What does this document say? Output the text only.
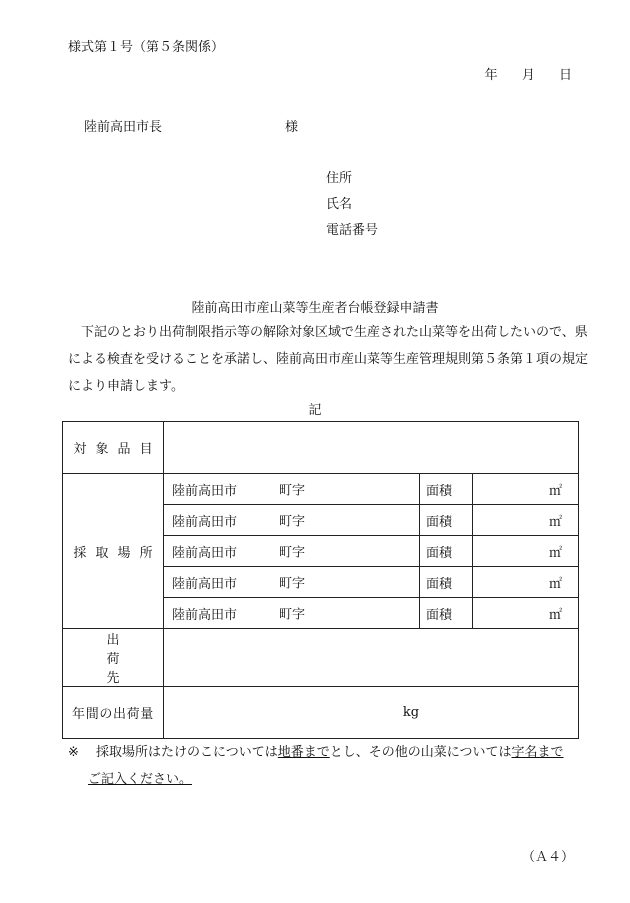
様式第１号（第５条関係）
年 月 日
陸前高田市長	様
住所
氏名
電話番号
陸前高田市産山菜等生産者台帳登録申請書
下記のとおり出荷制限指示等の解除対象区域で生産された山菜等を出荷したいので、県による検査を受けることを承諾し、陸前高田市産山菜等生産管理規則第５条第１項の規定により申請します。
記
対象品目			
採取場所	陸前高田市 町字	面積	㎡
	陸前高田市 町字	面積	㎡
	陸前高田市 町字	面積	㎡
	陸前高田市 町字	面積	㎡
	陸前高田市 町字	面積	㎡
出荷先			
年間の出荷量	kg		
※ 採取場所はたけのこについては地番までとし、その他の山菜については字名まで
ご記入ください。
（Ａ４）
